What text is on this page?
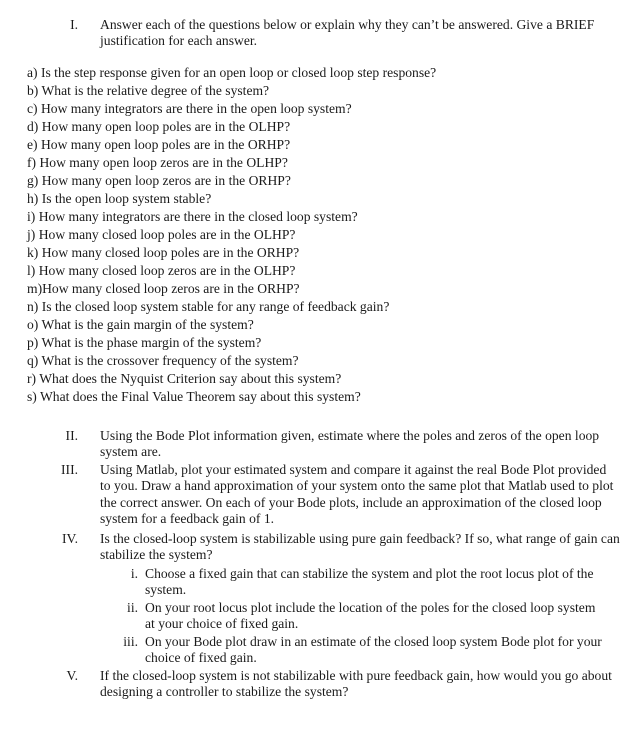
I. Answer each of the questions below or explain why they can’t be answered. Give a BRIEF justification for each answer.
a) Is the step response given for an open loop or closed loop step response?
b) What is the relative degree of the system?
c) How many integrators are there in the open loop system?
d) How many open loop poles are in the OLHP?
e) How many open loop poles are in the ORHP?
f) How many open loop zeros are in the OLHP?
g) How many open loop zeros are in the ORHP?
h) Is the open loop system stable?
i) How many integrators are there in the closed loop system?
j) How many closed loop poles are in the OLHP?
k) How many closed loop poles are in the ORHP?
l) How many closed loop zeros are in the OLHP?
m)How many closed loop zeros are in the ORHP?
n) Is the closed loop system stable for any range of feedback gain?
o) What is the gain margin of the system?
p) What is the phase margin of the system?
q) What is the crossover frequency of the system?
r) What does the Nyquist Criterion say about this system?
s) What does the Final Value Theorem say about this system?
II. Using the Bode Plot information given, estimate where the poles and zeros of the open loop system are.
III. Using Matlab, plot your estimated system and compare it against the real Bode Plot provided to you. Draw a hand approximation of your system onto the same plot that Matlab used to plot the correct answer. On each of your Bode plots, include an approximation of the closed loop system for a feedback gain of 1.
IV. Is the closed-loop system is stabilizable using pure gain feedback? If so, what range of gain can stabilize the system?
i. Choose a fixed gain that can stabilize the system and plot the root locus plot of the system.
ii. On your root locus plot include the location of the poles for the closed loop system at your choice of fixed gain.
iii. On your Bode plot draw in an estimate of the closed loop system Bode plot for your choice of fixed gain.
V. If the closed-loop system is not stabilizable with pure feedback gain, how would you go about designing a controller to stabilize the system?
